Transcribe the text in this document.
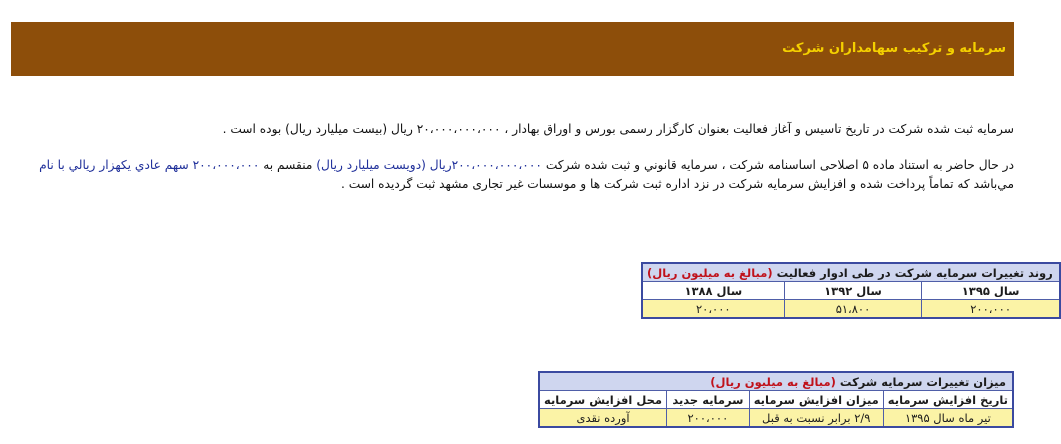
سرمایه و ترکیب سهامداران شرکت
سرمایه ثبت شده شرکت در تاریخ تاسیس و آغاز فعالیت بعنوان کارگزار رسمی بورس و اوراق بهادار ، ۲۰،۰۰۰،۰۰۰،۰۰۰ ریال (بیست میلیارد ریال) بوده است .
در حال حاضر به استناد ماده ۵ اصلاحی اساسنامه شرکت ، سرمایه قانوني و ثبت شده شرکت ۲۰۰،۰۰۰،۰۰۰،۰۰۰ریال (دویست میلیارد ریال) منقسم به ۲۰۰،۰۰۰،۰۰۰ سهم عادي یکهزار ریالي با نام
مي‌باشد که تماماً پرداخت شده و افزایش سرمایه شرکت در نزد اداره ثبت شرکت ها و موسسات غیر تجاری مشهد ثبت گردیده است .
روند تغییرات سرمایه شرکت در طی ادوار فعالیت (مبالغ به میلیون ریال)		
سال ۱۳۹۵	سال ۱۳۹۲	سال ۱۳۸۸
۲۰۰،۰۰۰	۵۱،۸۰۰	۲۰،۰۰۰
میزان تغییرات سرمایه شرکت (مبالغ به میلیون ریال)			
تاریخ افزایش سرمایه	میزان افزایش سرمایه	سرمایه جدید	محل افزایش سرمایه
تیر ماه سال ۱۳۹۵	۲/۹ برابر نسبت به قبل	۲۰۰،۰۰۰	آورده نقدی
